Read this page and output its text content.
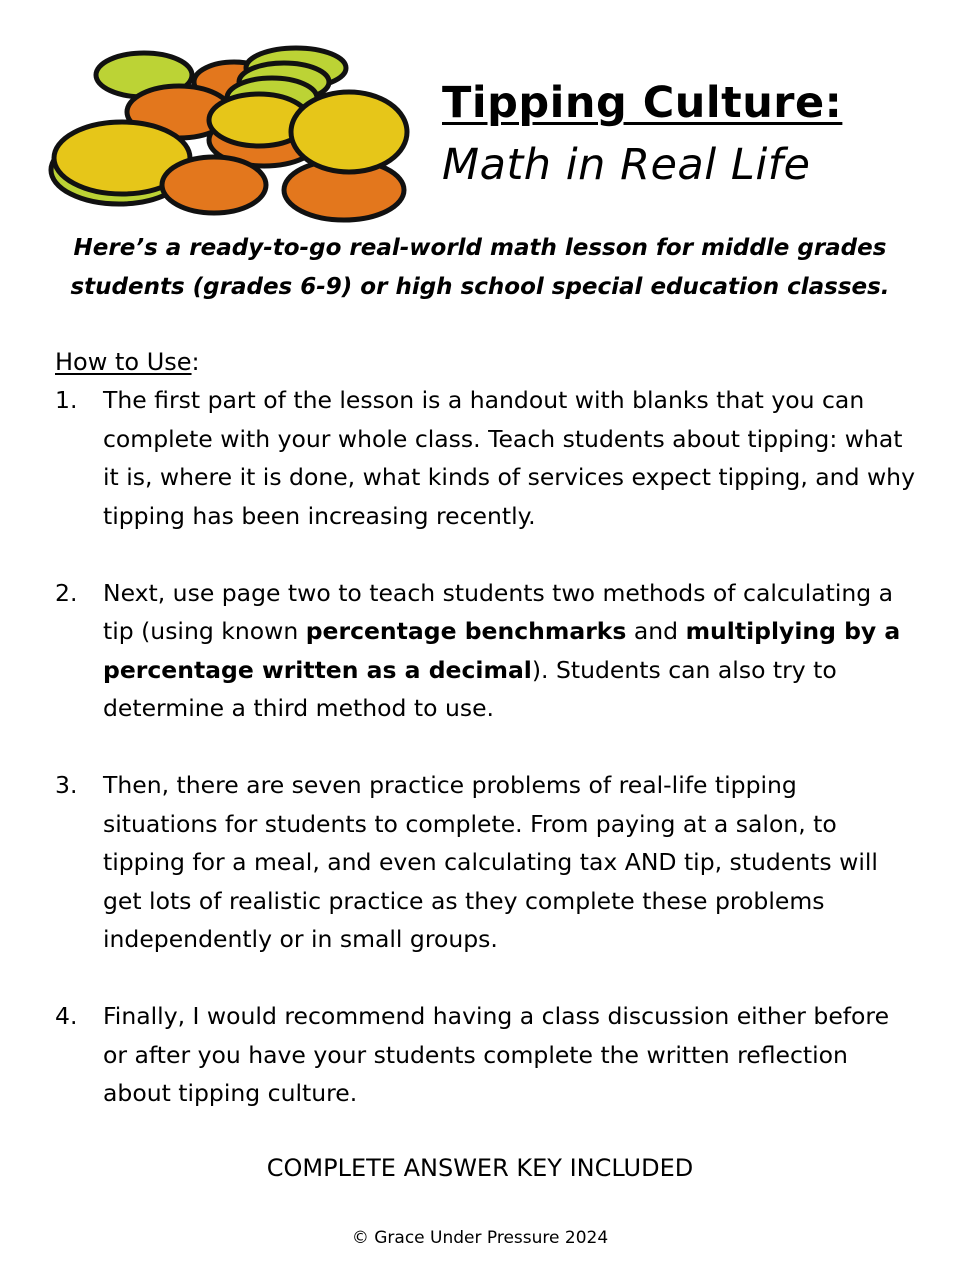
Tipping Culture:
Math in Real Life
Here’s a ready-to-go real-world math lesson for middle grades students (grades 6-9) or high school special education classes.
How to Use:
1. The first part of the lesson is a handout with blanks that you can complete with your whole class. Teach students about tipping: what it is, where it is done, what kinds of services expect tipping, and why tipping has been increasing recently.
2. Next, use page two to teach students two methods of calculating a tip (using known percentage benchmarks and multiplying by a percentage written as a decimal). Students can also try to determine a third method to use.
3. Then, there are seven practice problems of real-life tipping situations for students to complete. From paying at a salon, to tipping for a meal, and even calculating tax AND tip, students will get lots of realistic practice as they complete these problems independently or in small groups.
4. Finally, I would recommend having a class discussion either before or after you have your students complete the written reflection about tipping culture.
COMPLETE ANSWER KEY INCLUDED
© Grace Under Pressure 2024
